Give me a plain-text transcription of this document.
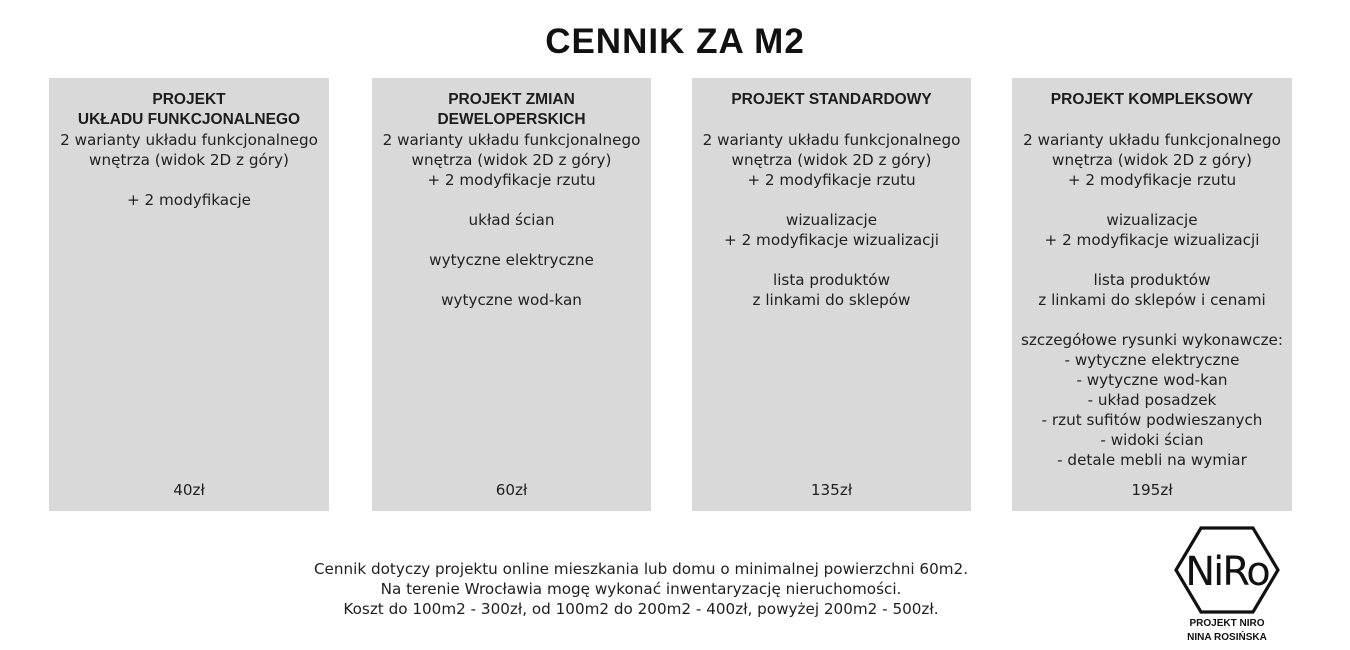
CENNIK ZA M2
PROJEKT
UKŁADU FUNKCJONALNEGO
2 warianty układu funkcjonalnego
wnętrza (widok 2D z góry)

+ 2 modyfikacje
40zł
PROJEKT ZMIAN
DEWELOPERSKICH
2 warianty układu funkcjonalnego
wnętrza (widok 2D z góry)
+ 2 modyfikacje rzutu

układ ścian

wytyczne elektryczne

wytyczne wod-kan
60zł
PROJEKT STANDARDOWY
2 warianty układu funkcjonalnego
wnętrza (widok 2D z góry)
+ 2 modyfikacje rzutu

wizualizacje
+ 2 modyfikacje wizualizacji

lista produktów
z linkami do sklepów
135zł
PROJEKT KOMPLEKSOWY
2 warianty układu funkcjonalnego
wnętrza (widok 2D z góry)
+ 2 modyfikacje rzutu

wizualizacje
+ 2 modyfikacje wizualizacji

lista produktów
z linkami do sklepów i cenami

szczegółowe rysunki wykonawcze:
- wytyczne elektryczne
- wytyczne wod-kan
- układ posadzek
- rzut sufitów podwieszanych
- widoki ścian
- detale mebli na wymiar
195zł
Cennik dotyczy projektu online mieszkania lub domu o minimalnej powierzchni 60m2.
Na terenie Wrocławia mogę wykonać inwentaryzację nieruchomości.
Koszt do 100m2 - 300zł, od 100m2 do 200m2 - 400zł, powyżej 200m2 - 500zł.
NiRo
PROJEKT NIRO
NINA ROSIŃSKA
